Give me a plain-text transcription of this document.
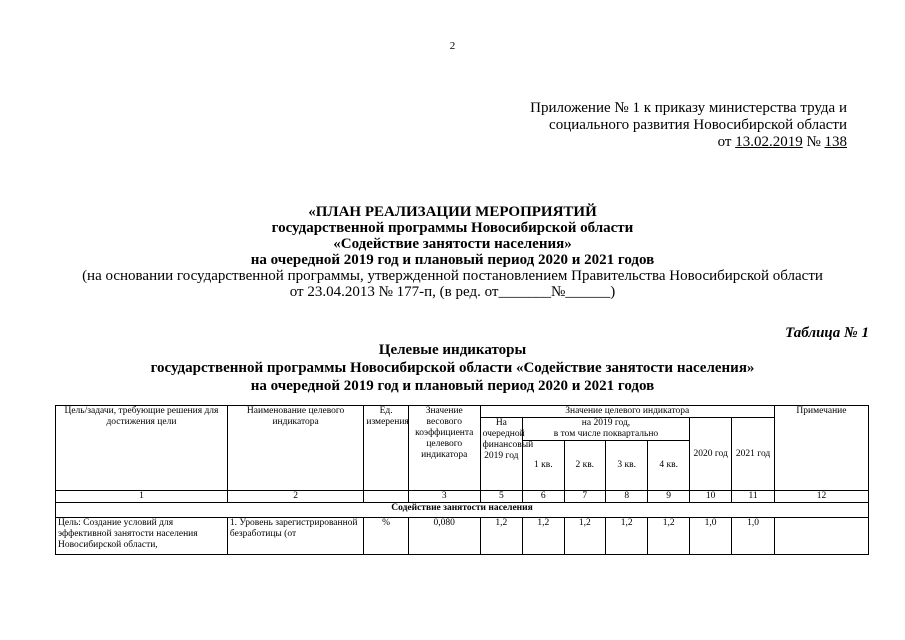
2
Приложение № 1 к приказу министерства труда и
социального развития Новосибирской области
от 13.02.2019 № 138
«ПЛАН РЕАЛИЗАЦИИ МЕРОПРИЯТИЙ
государственной программы Новосибирской области
«Содействие занятости населения»
на очередной 2019 год и плановый период 2020 и 2021 годов
(на основании государственной программы, утвержденной постановлением Правительства Новосибирской области
от 23.04.2013 № 177-п, (в ред. от_______№______)
Таблица № 1
Целевые индикаторы
государственной программы Новосибирской области «Содействие занятости населения»
на очередной 2019 год и плановый период 2020 и 2021 годов
Цель/задачи, требующие решения для достижения цели	Наименование целевого индикатора	Ед. измерения	Значение весового коэффициента целевого индикатора	Значение целевого индикатора							Примечание
				На очередной финансовый 2019 год	на 2019 год,				2020 год	2021 год	
					в том числе поквартально						
					1 кв.	2 кв.	3 кв.	4 кв.			
1	2		3	5	6	7	8	9	10	11	12
Содействие занятости населения											
Цель: Создание условий для эффективной занятости населения Новосибирской области,	1. Уровень зарегистрированной безработицы (от	%	0,080	1,2	1,2	1,2	1,2	1,2	1,0	1,0	
